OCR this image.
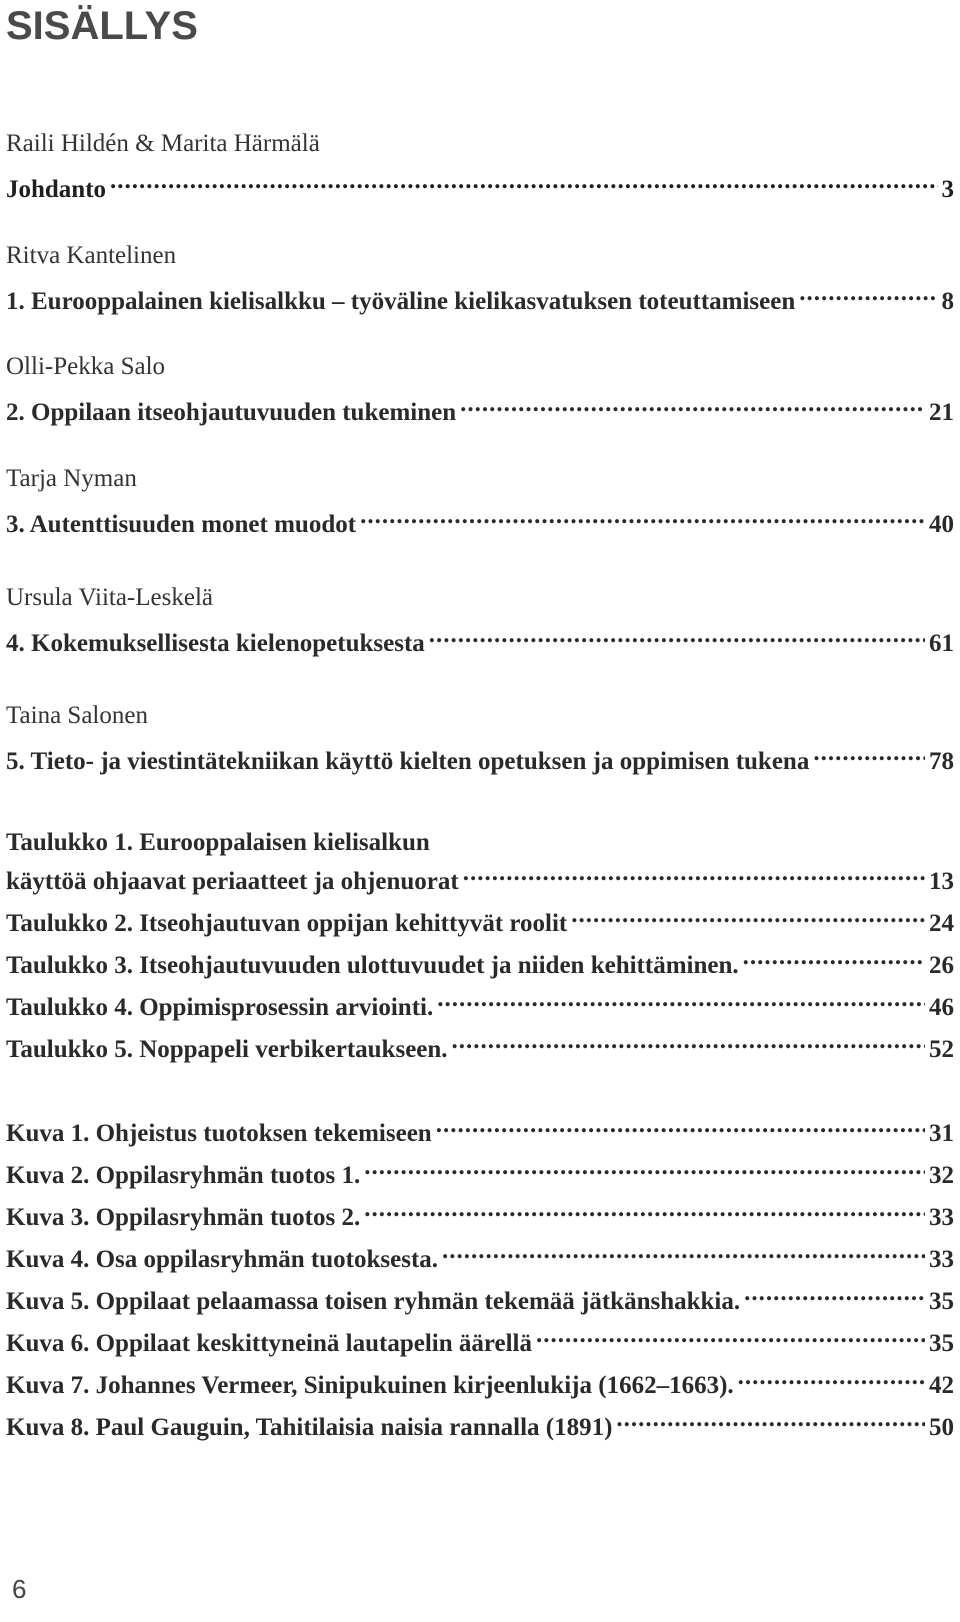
SISÄLLYS
Raili Hildén & Marita Härmälä
Johdanto .....	3
Ritva Kantelinen
1. Eurooppalainen kielisalkku – työväline kielikasvatuksen toteuttamiseen .....	8
Olli-Pekka Salo
2. Oppilaan itseohjautuvuuden tukeminen .....	21
Tarja Nyman
3. Autenttisuuden monet muodot .....	40
Ursula Viita-Leskelä
4. Kokemuksellisesta kielenopetuksesta .....	61
Taina Salonen
5. Tieto- ja viestintätekniikan käyttö kielten opetuksen ja oppimisen tukena .....	78
Taulukko 1. Eurooppalaisen kielisalkun
käyttöä ohjaavat periaatteet ja ohjenuorat .....	13
Taulukko 2. Itseohjautuvan oppijan kehittyvät roolit .....	24
Taulukko 3. Itseohjautuvuuden ulottuvuudet ja niiden kehittäminen. .....	26
Taulukko 4. Oppimisprosessin arviointi. .....	46
Taulukko 5. Noppapeli verbikertaukseen. .....	52
Kuva 1. Ohjeistus tuotoksen tekemiseen .....	31
Kuva 2. Oppilasryhmän tuotos 1. .....	32
Kuva 3. Oppilasryhmän tuotos 2. .....	33
Kuva 4. Osa oppilasryhmän tuotoksesta. .....	33
Kuva 5. Oppilaat pelaamassa toisen ryhmän tekemää jätkänshakkia. .....	35
Kuva 6. Oppilaat keskittyneinä lautapelin äärellä .....	35
Kuva 7. Johannes Vermeer, Sinipukuinen kirjeenlukija (1662–1663). .....	42
Kuva 8. Paul Gauguin, Tahitilaisia naisia rannalla (1891) .....	50
6
